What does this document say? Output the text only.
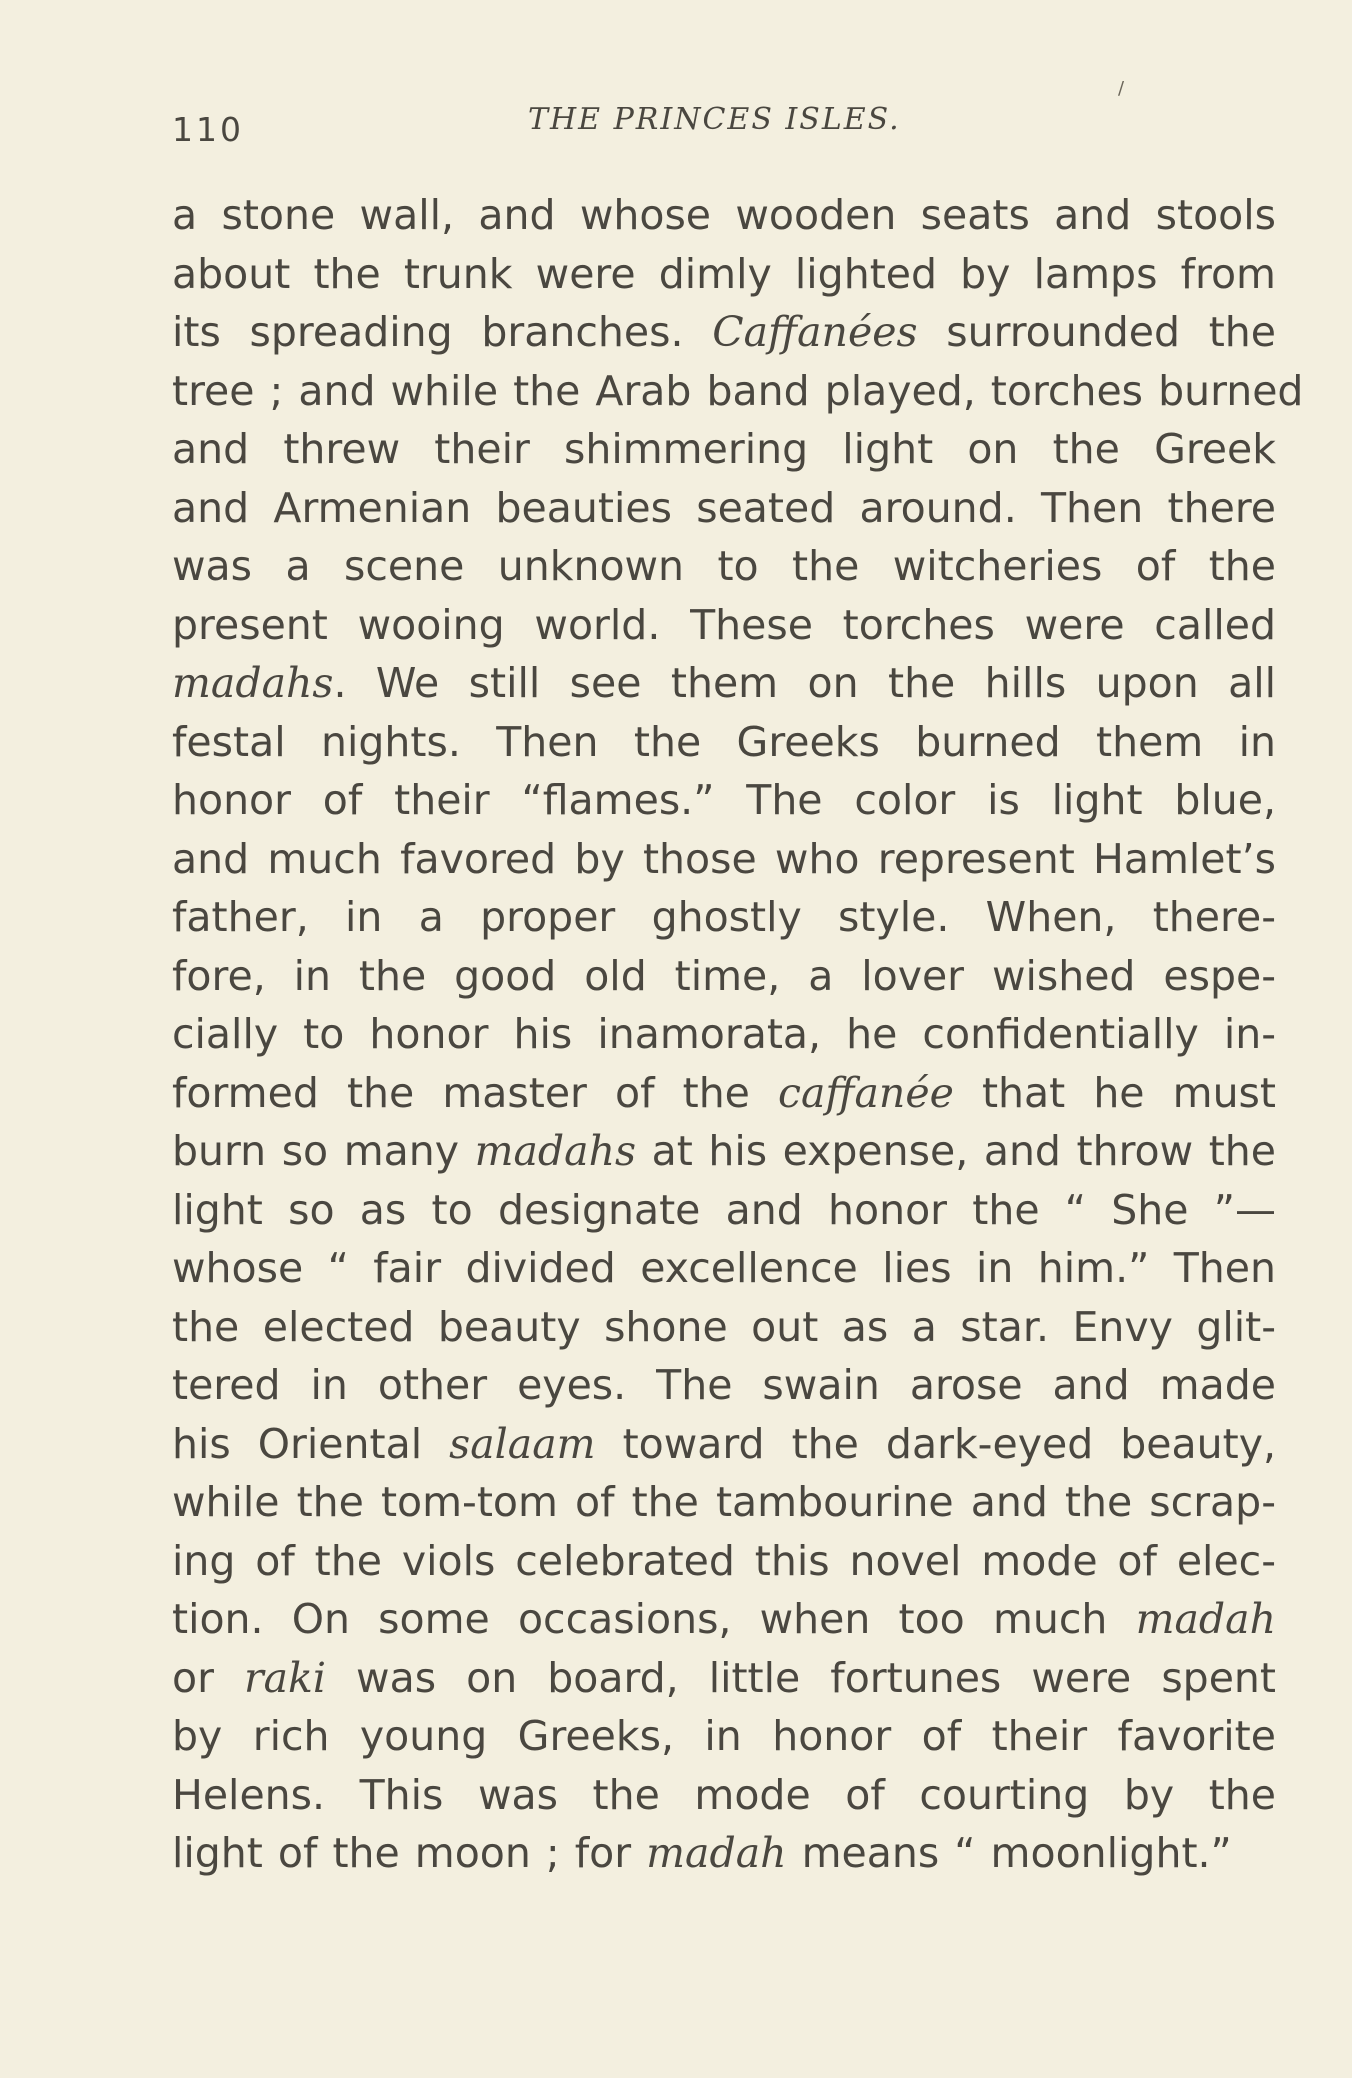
/
110	THE PRINCES ISLES.
a stone wall, and whose wooden seats and stools
about the trunk were dimly lighted by lamps from
its spreading branches. Caffanées surrounded the
tree ; and while the Arab band played, torches burned
and threw their shimmering light on the Greek
and Armenian beauties seated around. Then there
was a scene unknown to the witcheries of the
present wooing world. These torches were called
madahs. We still see them on the hills upon all
festal nights. Then the Greeks burned them in
honor of their “flames.” The color is light blue,
and much favored by those who represent Hamlet’s
father, in a proper ghostly style. When, there-
fore, in the good old time, a lover wished espe-
cially to honor his inamorata, he confidentially in-
formed the master of the caffanée that he must
burn so many madahs at his expense, and throw the
light so as to designate and honor the “ She ”—
whose “ fair divided excellence lies in him.” Then
the elected beauty shone out as a star. Envy glit-
tered in other eyes. The swain arose and made
his Oriental salaam toward the dark-eyed beauty,
while the tom-tom of the tambourine and the scrap-
ing of the viols celebrated this novel mode of elec-
tion. On some occasions, when too much madah
or raki was on board, little fortunes were spent
by rich young Greeks, in honor of their favorite
Helens. This was the mode of courting by the
light of the moon ; for madah means “ moonlight.”
